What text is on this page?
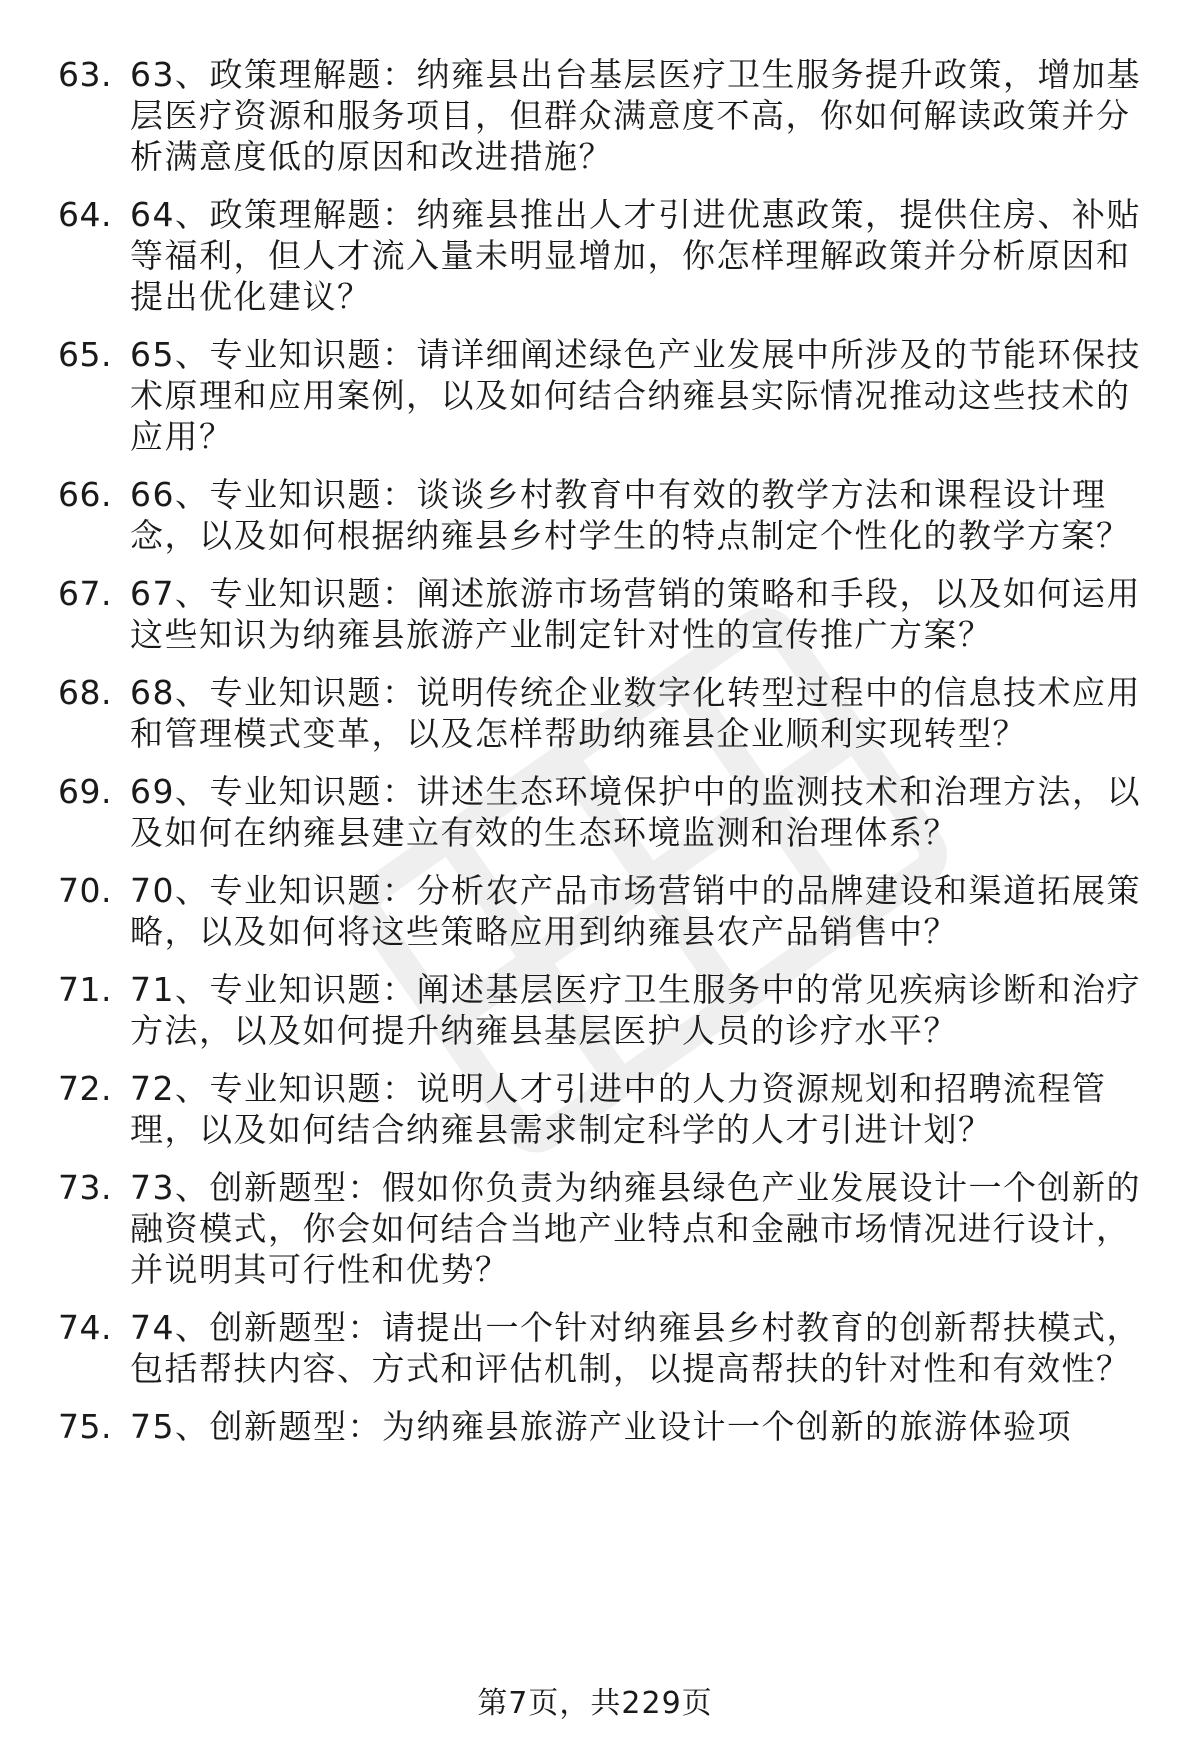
63. 63、政策理解题：纳雍县出台基层医疗卫生服务提升政策，增加基层医疗资源和服务项目，但群众满意度不高，你如何解读政策并分析满意度低的原因和改进措施？
64. 64、政策理解题：纳雍县推出人才引进优惠政策，提供住房、补贴等福利，但人才流入量未明显增加，你怎样理解政策并分析原因和提出优化建议？
65. 65、专业知识题：请详细阐述绿色产业发展中所涉及的节能环保技术原理和应用案例，以及如何结合纳雍县实际情况推动这些技术的应用？
66. 66、专业知识题：谈谈乡村教育中有效的教学方法和课程设计理念，以及如何根据纳雍县乡村学生的特点制定个性化的教学方案？
67. 67、专业知识题：阐述旅游市场营销的策略和手段，以及如何运用这些知识为纳雍县旅游产业制定针对性的宣传推广方案？
68. 68、专业知识题：说明传统企业数字化转型过程中的信息技术应用和管理模式变革，以及怎样帮助纳雍县企业顺利实现转型？
69. 69、专业知识题：讲述生态环境保护中的监测技术和治理方法，以及如何在纳雍县建立有效的生态环境监测和治理体系？
70. 70、专业知识题：分析农产品市场营销中的品牌建设和渠道拓展策略，以及如何将这些策略应用到纳雍县农产品销售中？
71. 71、专业知识题：阐述基层医疗卫生服务中的常见疾病诊断和治疗方法，以及如何提升纳雍县基层医护人员的诊疗水平？
72. 72、专业知识题：说明人才引进中的人力资源规划和招聘流程管理，以及如何结合纳雍县需求制定科学的人才引进计划？
73. 73、创新题型：假如你负责为纳雍县绿色产业发展设计一个创新的融资模式，你会如何结合当地产业特点和金融市场情况进行设计，并说明其可行性和优势？
74. 74、创新题型：请提出一个针对纳雍县乡村教育的创新帮扶模式，包括帮扶内容、方式和评估机制，以提高帮扶的针对性和有效性？
75. 75、创新题型：为纳雍县旅游产业设计一个创新的旅游体验项
第7页，共229页
